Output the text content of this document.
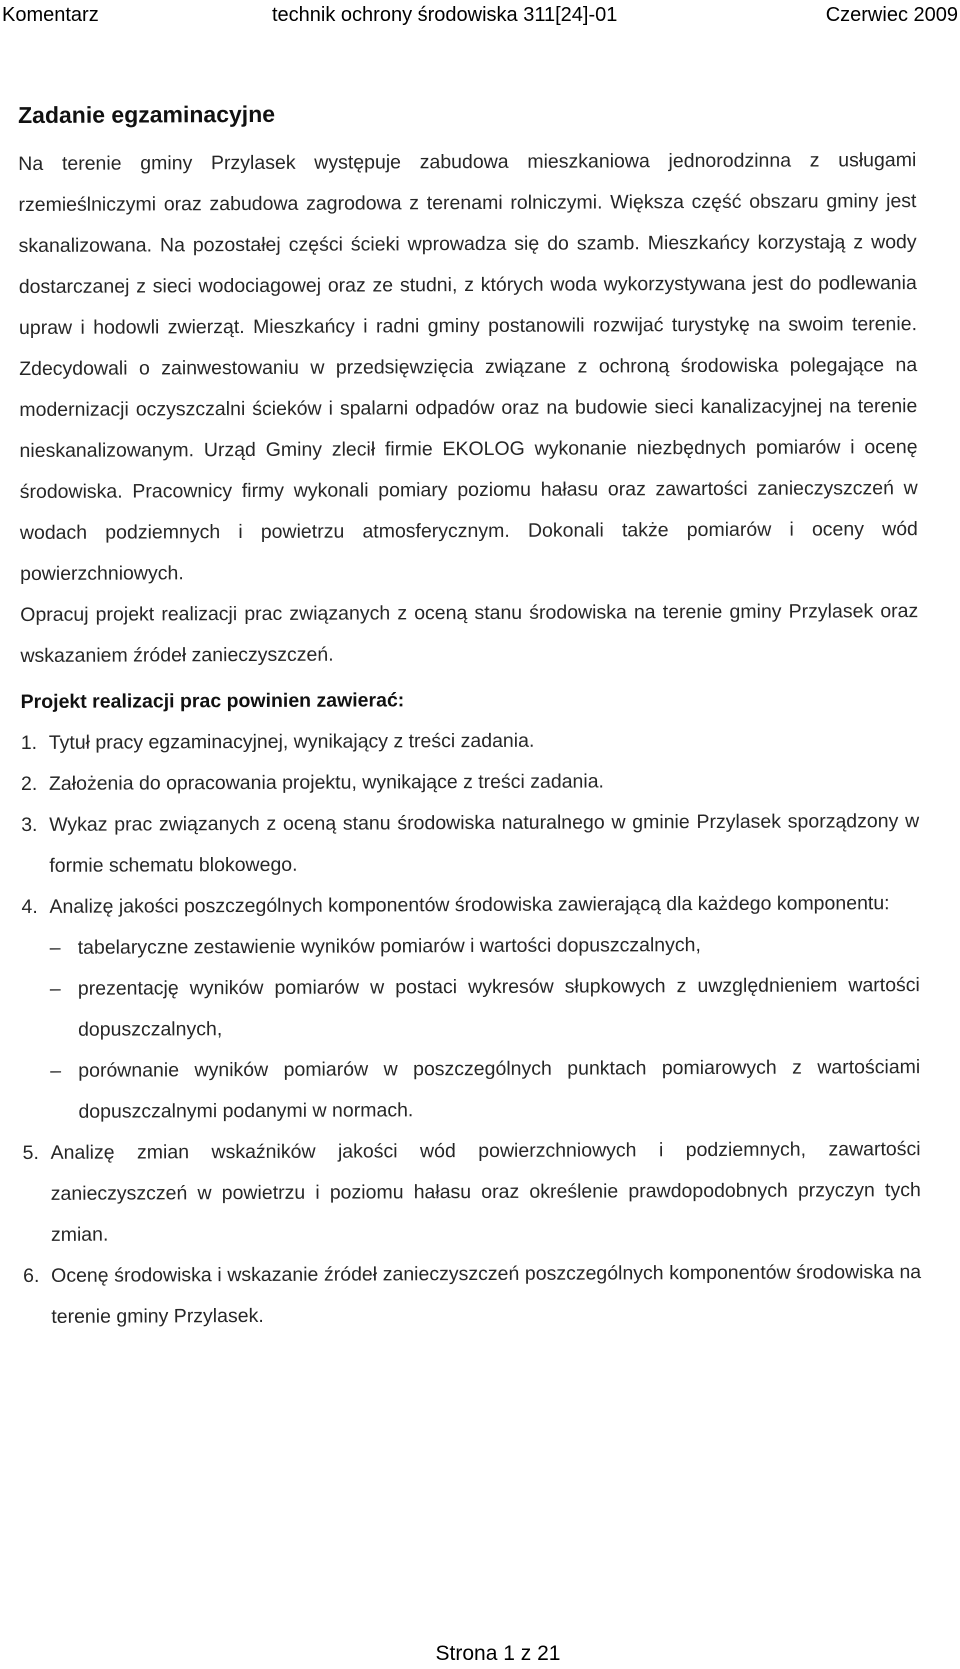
Komentarz	technik ochrony środowiska 311[24]-01	Czerwiec 2009
Zadanie egzaminacyjne

Na terenie gminy Przylasek występuje zabudowa mieszkaniowa jednorodzinna z usługami rzemieślniczymi oraz zabudowa zagrodowa z terenami rolniczymi. Większa część obszaru gminy jest skanalizowana. Na pozostałej części ścieki wprowadza się do szamb. Mieszkańcy korzystają z wody dostarczanej z sieci wodociagowej oraz ze studni, z których woda wykorzystywana jest do podlewania upraw i hodowli zwierząt. Mieszkańcy i radni gminy postanowili rozwijać turystykę na swoim terenie. Zdecydowali o zainwestowaniu w przedsięwzięcia związane z ochroną środowiska polegające na modernizacji oczyszczalni ścieków i spalarni odpadów oraz na budowie sieci kanalizacyjnej na terenie nieskanalizowanym. Urząd Gminy zlecił firmie EKOLOG wykonanie niezbędnych pomiarów i ocenę środowiska. Pracownicy firmy wykonali pomiary poziomu hałasu oraz zawartości zanieczyszczeń w wodach podziemnych i powietrzu atmosferycznym. Dokonali także pomiarów i oceny wód powierzchniowych.

Opracuj projekt realizacji prac związanych z oceną stanu środowiska na terenie gminy Przylasek oraz wskazaniem źródeł zanieczyszczeń.

Projekt realizacji prac powinien zawierać:
1. Tytuł pracy egzaminacyjnej, wynikający z treści zadania.
2. Założenia do opracowania projektu, wynikające z treści zadania.
3. Wykaz prac związanych z oceną stanu środowiska naturalnego w gminie Przylasek sporządzony w formie schematu blokowego.
4. Analizę jakości poszczególnych komponentów środowiska zawierającą dla każdego komponentu:
– tabelaryczne zestawienie wyników pomiarów i wartości dopuszczalnych,
– prezentację wyników pomiarów w postaci wykresów słupkowych z uwzględnieniem wartości dopuszczalnych,
– porównanie wyników pomiarów w poszczególnych punktach pomiarowych z wartościami dopuszczalnymi podanymi w normach.
5. Analizę zmian wskaźników jakości wód powierzchniowych i podziemnych, zawartości zanieczyszczeń w powietrzu i poziomu hałasu oraz określenie prawdopodobnych przyczyn tych zmian.
6. Ocenę środowiska i wskazanie źródeł zanieczyszczeń poszczególnych komponentów środowiska na terenie gminy Przylasek.
Strona 1 z 21
